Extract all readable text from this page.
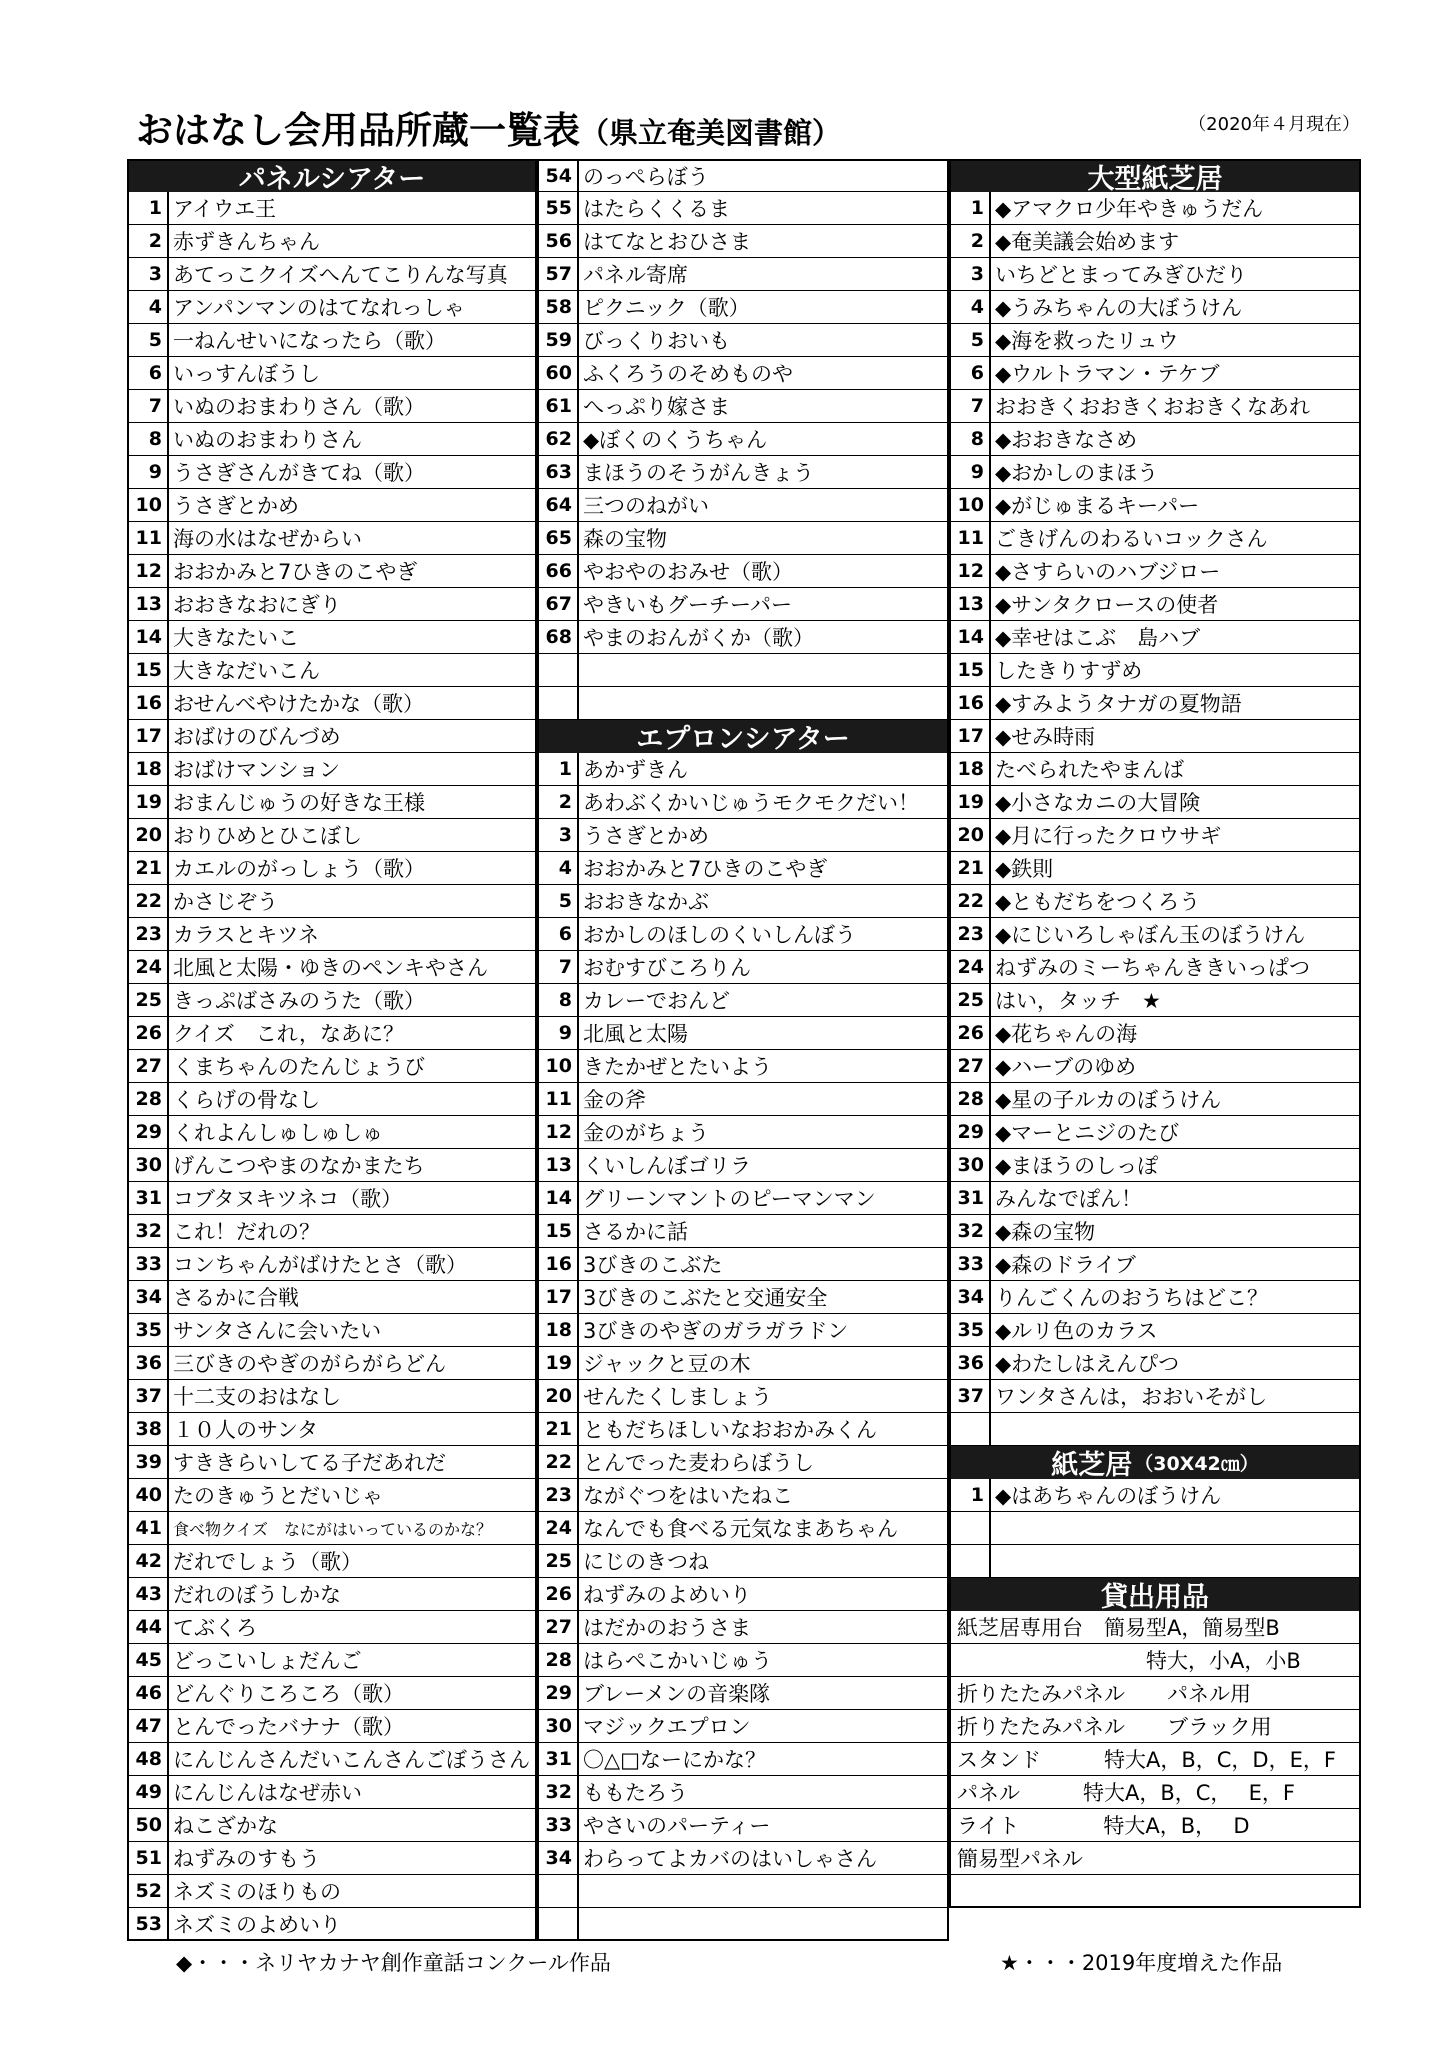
おはなし会用品所蔵一覧表（県立奄美図書館）	（2020年４月現在）
パネルシアター
1 アイウエ王
2 赤ずきんちゃん
3 あてっこクイズへんてこりんな写真
4 アンパンマンのはてなれっしゃ
5 一ねんせいになったら（歌）
6 いっすんぼうし
7 いぬのおまわりさん（歌）
8 いぬのおまわりさん
9 うさぎさんがきてね（歌）
10 うさぎとかめ
11 海の水はなぜからい
12 おおかみと7ひきのこやぎ
13 おおきなおにぎり
14 大きなたいこ
15 大きなだいこん
16 おせんべやけたかな（歌）
17 おばけのびんづめ
18 おばけマンション
19 おまんじゅうの好きな王様
20 おりひめとひこぼし
21 カエルのがっしょう（歌）
22 かさじぞう
23 カラスとキツネ
24 北風と太陽・ゆきのペンキやさん
25 きっぷばさみのうた（歌）
26 クイズ　これ，なあに？
27 くまちゃんのたんじょうび
28 くらげの骨なし
29 くれよんしゅしゅしゅ
30 げんこつやまのなかまたち
31 コブタヌキツネコ（歌）
32 これ！だれの？
33 コンちゃんがばけたとさ（歌）
34 さるかに合戦
35 サンタさんに会いたい
36 三びきのやぎのがらがらどん
37 十二支のおはなし
38 １０人のサンタ
39 すききらいしてる子だあれだ
40 たのきゅうとだいじゃ
41 食べ物クイズ　なにがはいっているのかな？
42 だれでしょう（歌）
43 だれのぼうしかな
44 てぶくろ
45 どっこいしょだんご
46 どんぐりころころ（歌）
47 とんでったバナナ（歌）
48 にんじんさんだいこんさんごぼうさん
49 にんじんはなぜ赤い
50 ねこざかな
51 ねずみのすもう
52 ネズミのほりもの
53 ネズミのよめいり
54 のっぺらぼう
55 はたらくくるま
56 はてなとおひさま
57 パネル寄席
58 ピクニック（歌）
59 びっくりおいも
60 ふくろうのそめものや
61 へっぷり嫁さま
62 ◆ぼくのくうちゃん
63 まほうのそうがんきょう
64 三つのねがい
65 森の宝物
66 やおやのおみせ（歌）
67 やきいもグーチーパー
68 やまのおんがくか（歌）
エプロンシアター
1 あかずきん
2 あわぶくかいじゅうモクモクだい！
3 うさぎとかめ
4 おおかみと7ひきのこやぎ
5 おおきなかぶ
6 おかしのほしのくいしんぼう
7 おむすびころりん
8 カレーでおんど
9 北風と太陽
10 きたかぜとたいよう
11 金の斧
12 金のがちょう
13 くいしんぼゴリラ
14 グリーンマントのピーマンマン
15 さるかに話
16 3びきのこぶた
17 3びきのこぶたと交通安全
18 3びきのやぎのガラガラドン
19 ジャックと豆の木
20 せんたくしましょう
21 ともだちほしいなおおかみくん
22 とんでった麦わらぼうし
23 ながぐつをはいたねこ
24 なんでも食べる元気なまあちゃん
25 にじのきつね
26 ねずみのよめいり
27 はだかのおうさま
28 はらぺこかいじゅう
29 ブレーメンの音楽隊
30 マジックエプロン
31 〇△□なーにかな？
32 ももたろう
33 やさいのパーティー
34 わらってよカバのはいしゃさん
大型紙芝居
1 ◆アマクロ少年やきゅうだん
2 ◆奄美議会始めます
3 いちどとまってみぎひだり
4 ◆うみちゃんの大ぼうけん
5 ◆海を救ったリュウ
6 ◆ウルトラマン・テケブ
7 おおきくおおきくおおきくなあれ
8 ◆おおきなさめ
9 ◆おかしのまほう
10 ◆がじゅまるキーパー
11 ごきげんのわるいコックさん
12 ◆さすらいのハブジロー
13 ◆サンタクロースの使者
14 ◆幸せはこぶ　島ハブ
15 したきりすずめ
16 ◆すみようタナガの夏物語
17 ◆せみ時雨
18 たべられたやまんば
19 ◆小さなカニの大冒険
20 ◆月に行ったクロウサギ
21 ◆鉄則
22 ◆ともだちをつくろう
23 ◆にじいろしゃぼん玉のぼうけん
24 ねずみのミーちゃんききいっぱつ
25 はい，タッチ　★
26 ◆花ちゃんの海
27 ◆ハーブのゆめ
28 ◆星の子ルカのぼうけん
29 ◆マーとニジのたび
30 ◆まほうのしっぽ
31 みんなでぽん！
32 ◆森の宝物
33 ◆森のドライブ
34 りんごくんのおうちはどこ？
35 ◆ルリ色のカラス
36 ◆わたしはえんぴつ
37 ワンタさんは，おおいそがし
紙芝居 （30X42㎝）
1 ◆はあちゃんのぼうけん
貸出用品
紙芝居専用台　簡易型A，簡易型B
　　　　　　　　　特大，小A，小B
折りたたみパネル　　パネル用
折りたたみパネル　　ブラック用
スタンド　　　特大A，B，C，D，E，F
パネル　　　特大A，B，C，　 E，F
ライト　　　　特大A，B，　 D
簡易型パネル
◆・・・ネリヤカナヤ創作童話コンクール作品	★・・・2019年度増えた作品
